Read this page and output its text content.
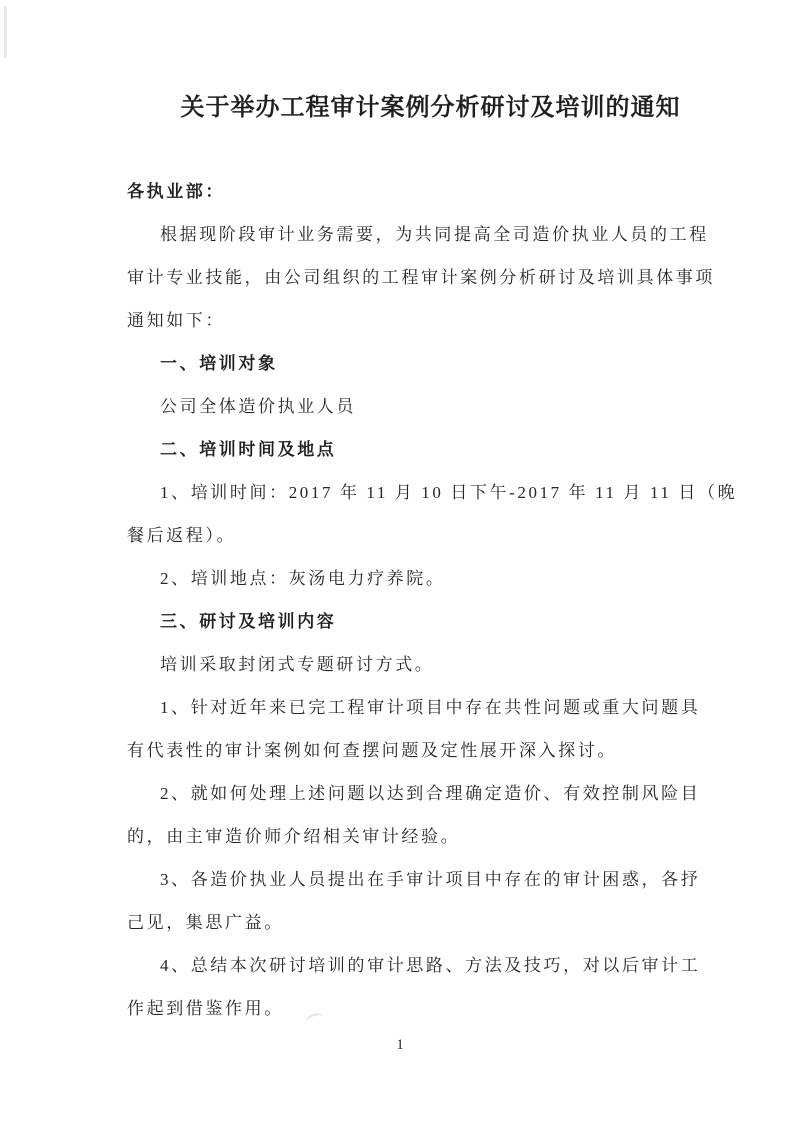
关于举办工程审计案例分析研讨及培训的通知
各执业部：
根据现阶段审计业务需要，为共同提高全司造价执业人员的工程
审计专业技能，由公司组织的工程审计案例分析研讨及培训具体事项
通知如下：
一、培训对象
公司全体造价执业人员
二、培训时间及地点
1、培训时间：2017 年 11 月 10 日下午-2017 年 11 月 11 日（晚
餐后返程）。
2、培训地点：灰汤电力疗养院。
三、研讨及培训内容
培训采取封闭式专题研讨方式。
1、针对近年来已完工程审计项目中存在共性问题或重大问题具
有代表性的审计案例如何查摆问题及定性展开深入探讨。
2、就如何处理上述问题以达到合理确定造价、有效控制风险目
的，由主审造价师介绍相关审计经验。
3、各造价执业人员提出在手审计项目中存在的审计困惑，各抒
己见，集思广益。
4、总结本次研讨培训的审计思路、方法及技巧，对以后审计工
作起到借鉴作用。
1
